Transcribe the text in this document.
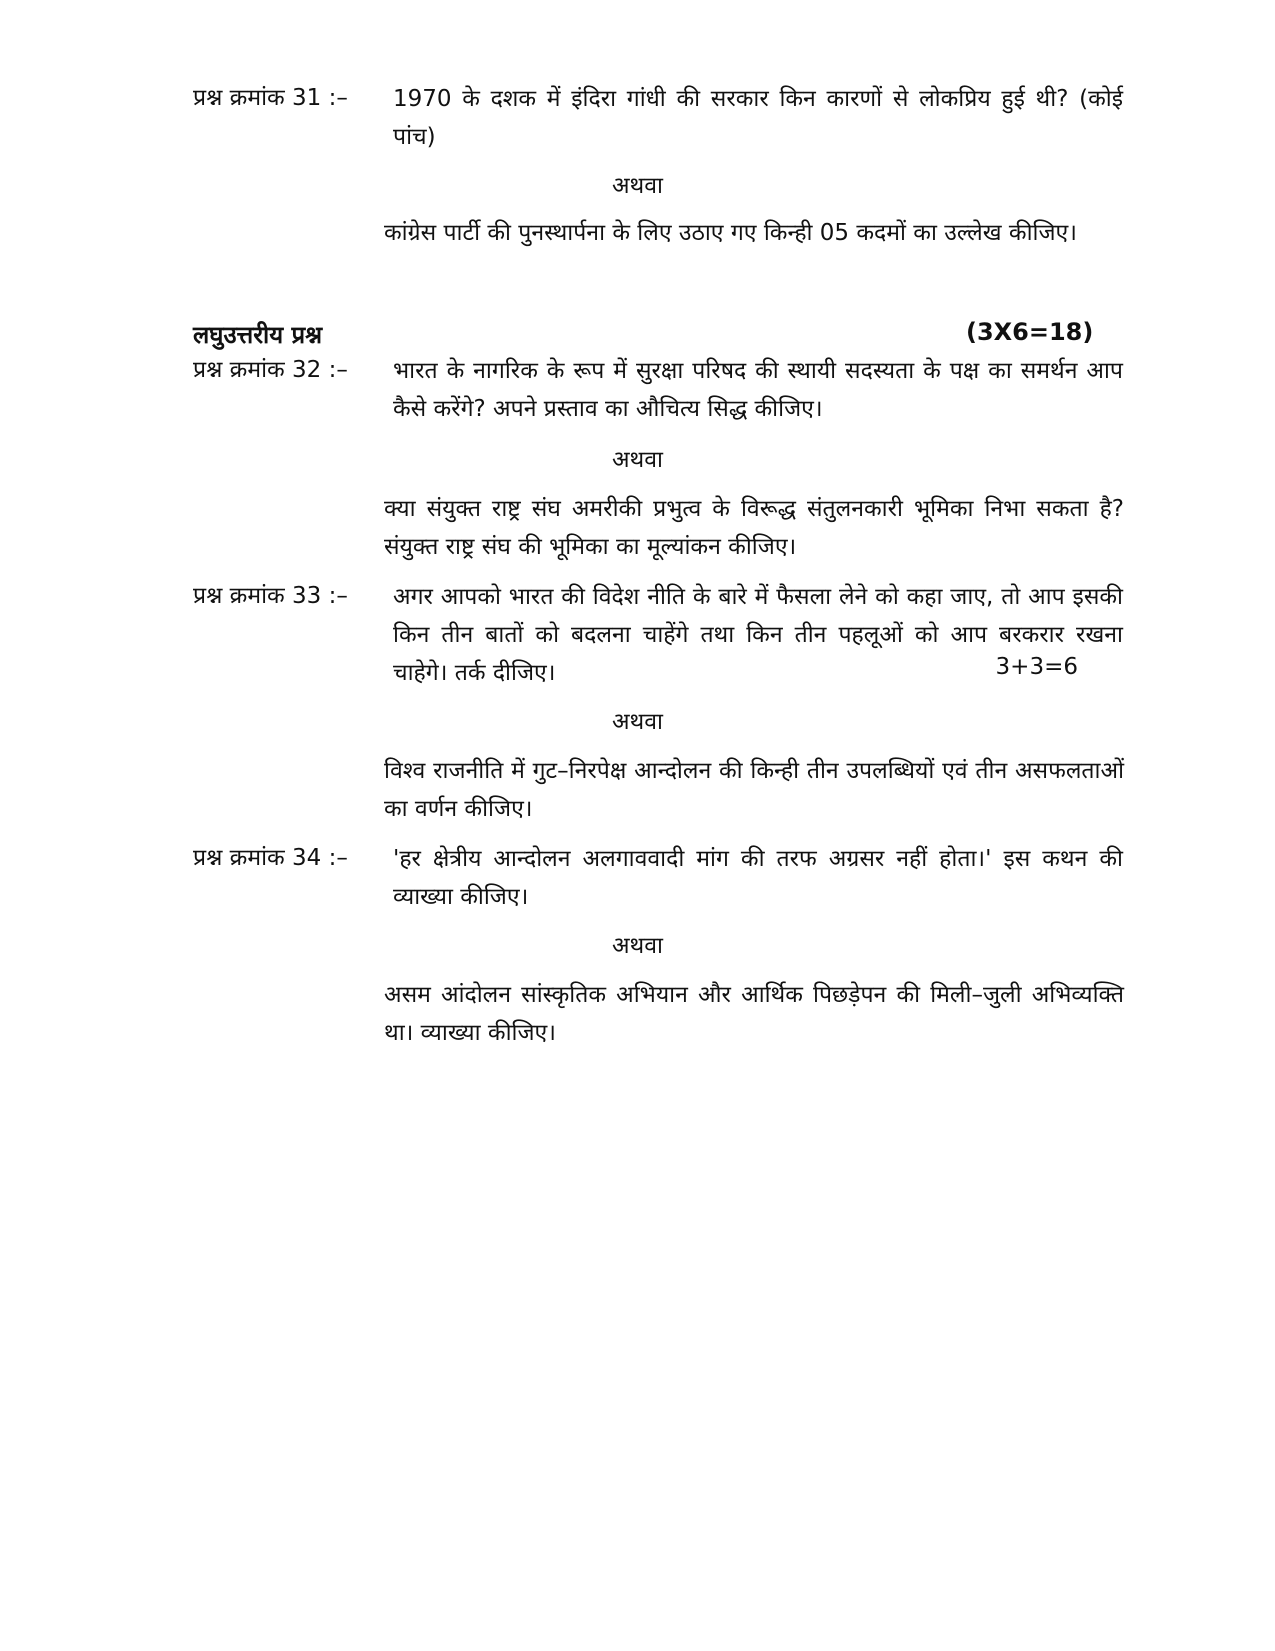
प्रश्न क्रमांक 31 :– 1970 के दशक में इंदिरा गांधी की सरकार किन कारणों से लोकप्रिय हुई थी? (कोई पांच)
अथवा
कांग्रेस पार्टी की पुनस्थार्पना के लिए उठाए गए किन्ही 05 कदमों का उल्लेख कीजिए।
लघुउत्तरीय प्रश्न	(3X6=18)
प्रश्न क्रमांक 32 :– भारत के नागरिक के रूप में सुरक्षा परिषद की स्थायी सदस्यता के पक्ष का समर्थन आप कैसे करेंगे? अपने प्रस्ताव का औचित्य सिद्ध कीजिए।
अथवा
क्या संयुक्त राष्ट्र संघ अमरीकी प्रभुत्व के विरूद्ध संतुलनकारी भूमिका निभा सकता है? संयुक्त राष्ट्र संघ की भूमिका का मूल्यांकन कीजिए।
प्रश्न क्रमांक 33 :– अगर आपको भारत की विदेश नीति के बारे में फैसला लेने को कहा जाए, तो आप इसकी किन तीन बातों को बदलना चाहेंगे तथा किन तीन पहलूओं को आप बरकरार रखना चाहेगे। तर्क दीजिए।	3+3=6
अथवा
विश्व राजनीति में गुट–निरपेक्ष आन्दोलन की किन्ही तीन उपलब्धियों एवं तीन असफलताओं का वर्णन कीजिए।
प्रश्न क्रमांक 34 :– 'हर क्षेत्रीय आन्दोलन अलगाववादी मांग की तरफ अग्रसर नहीं होता।' इस कथन की व्याख्या कीजिए।
अथवा
असम आंदोलन सांस्कृतिक अभियान और आर्थिक पिछड़ेपन की मिली–जुली अभिव्यक्ति था। व्याख्या कीजिए।
